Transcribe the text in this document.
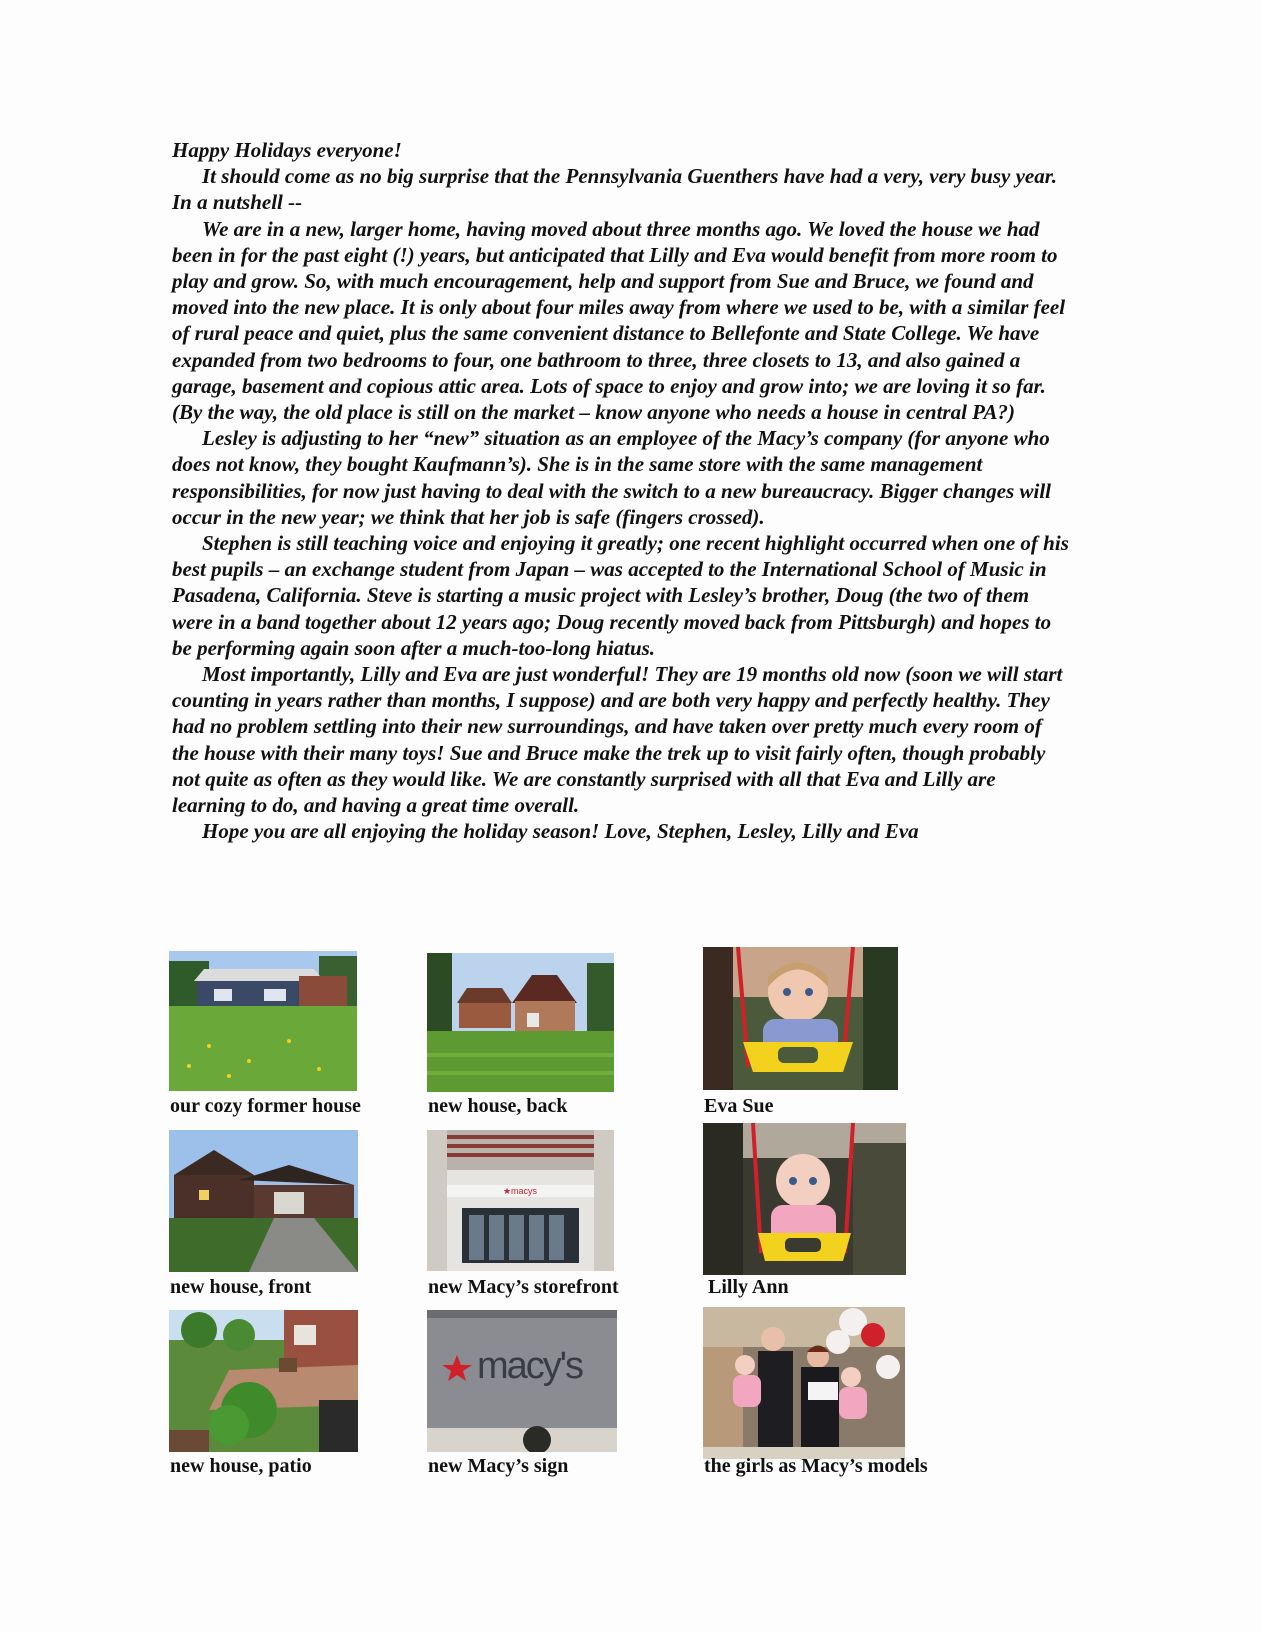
Happy Holidays everyone!

It should come as no big surprise that the Pennsylvania Guenthers have had a very, very busy year. In a nutshell --

We are in a new, larger home, having moved about three months ago. We loved the house we had been in for the past eight (!) years, but anticipated that Lilly and Eva would benefit from more room to play and grow. So, with much encouragement, help and support from Sue and Bruce, we found and moved into the new place. It is only about four miles away from where we used to be, with a similar feel of rural peace and quiet, plus the same convenient distance to Bellefonte and State College. We have expanded from two bedrooms to four, one bathroom to three, three closets to 13, and also gained a garage, basement and copious attic area. Lots of space to enjoy and grow into; we are loving it so far. (By the way, the old place is still on the market – know anyone who needs a house in central PA?)

Lesley is adjusting to her “new” situation as an employee of the Macy’s company (for anyone who does not know, they bought Kaufmann’s). She is in the same store with the same management responsibilities, for now just having to deal with the switch to a new bureaucracy. Bigger changes will occur in the new year; we think that her job is safe (fingers crossed).

Stephen is still teaching voice and enjoying it greatly; one recent highlight occurred when one of his best pupils – an exchange student from Japan – was accepted to the International School of Music in Pasadena, California. Steve is starting a music project with Lesley’s brother, Doug (the two of them were in a band together about 12 years ago; Doug recently moved back from Pittsburgh) and hopes to be performing again soon after a much-too-long hiatus.

Most importantly, Lilly and Eva are just wonderful! They are 19 months old now (soon we will start counting in years rather than months, I suppose) and are both very happy and perfectly healthy. They had no problem settling into their new surroundings, and have taken over pretty much every room of the house with their many toys! Sue and Bruce make the trek up to visit fairly often, though probably not quite as often as they would like. We are constantly surprised with all that Eva and Lilly are learning to do, and having a great time overall.

Hope you are all enjoying the holiday season! Love, Stephen, Lesley, Lilly and Eva

our cozy former house	new house, back	Eva Sue
new house, front
★macys
new Macy’s storefront	Lilly Ann
new house, patio
macy's
new Macy’s sign	the girls as Macy’s models
